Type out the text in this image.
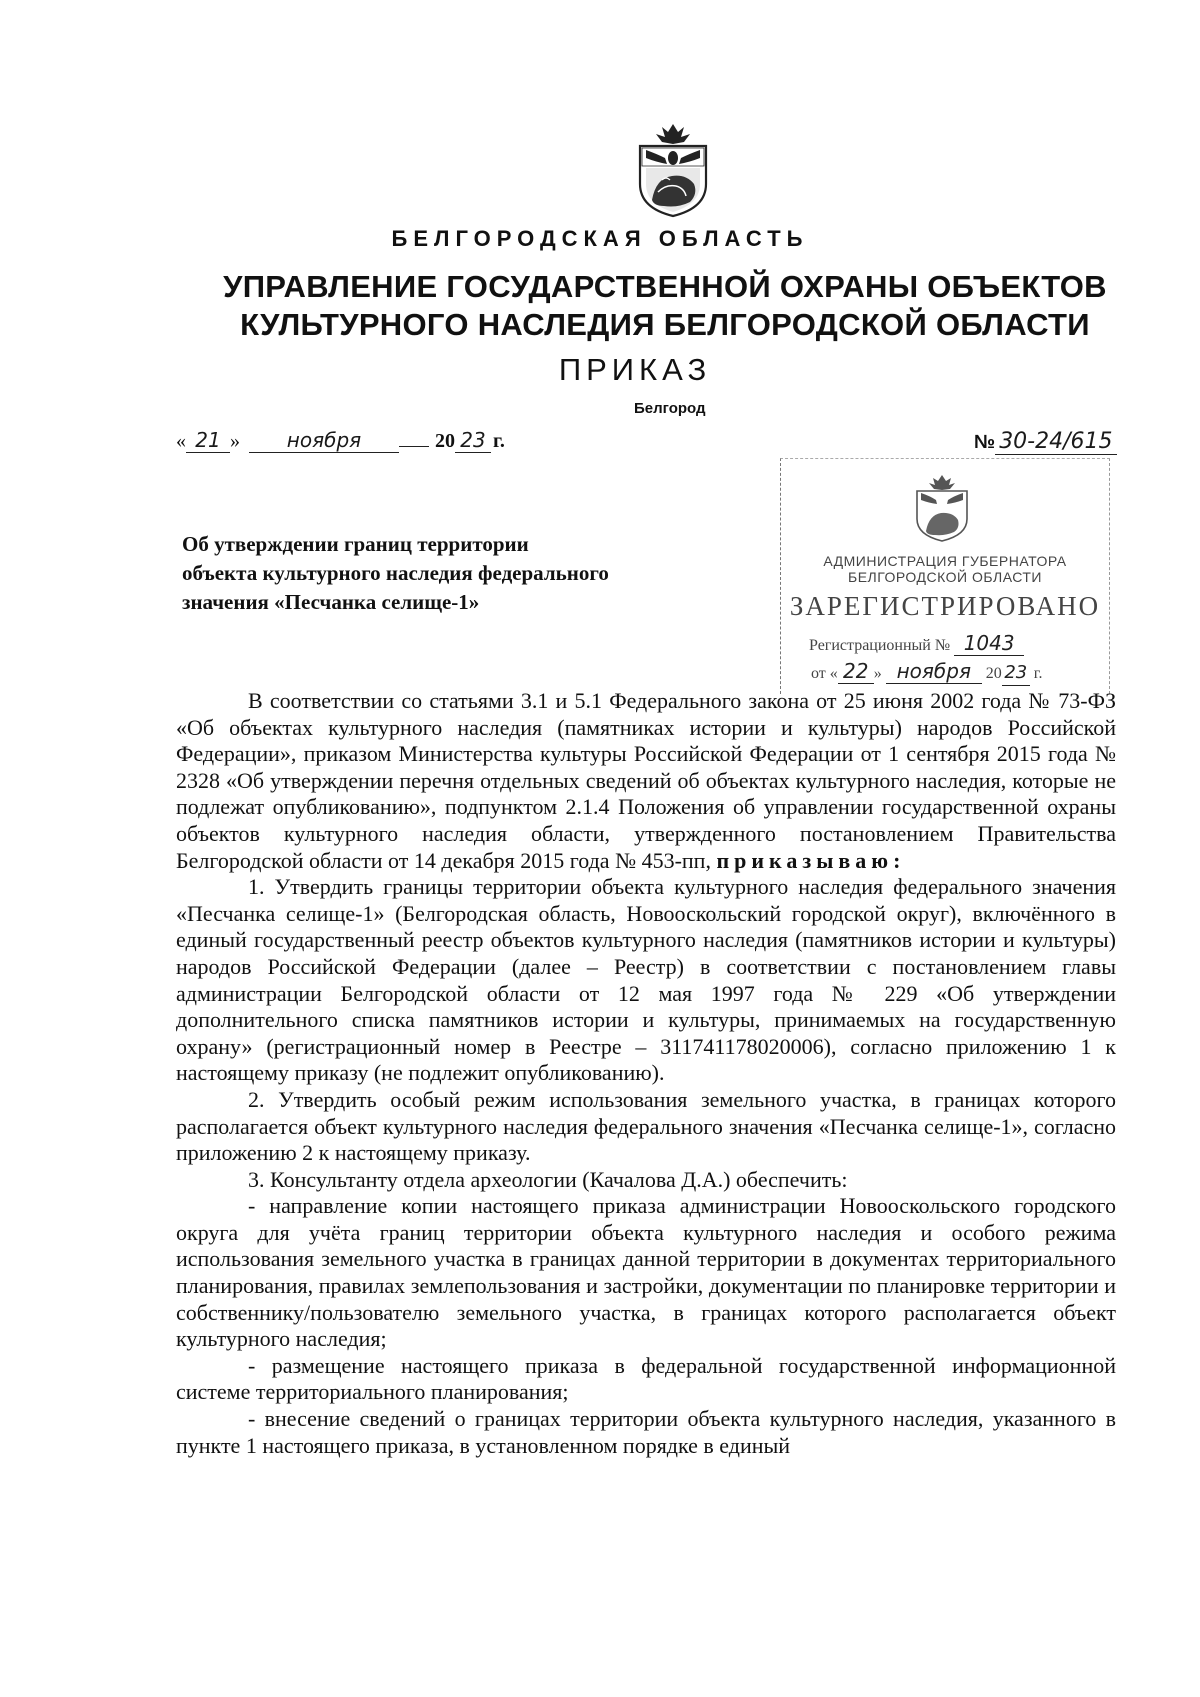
БЕЛГОРОДСКАЯ ОБЛАСТЬ
УПРАВЛЕНИЕ ГОСУДАРСТВЕННОЙ ОХРАНЫ ОБЪЕКТОВ
КУЛЬТУРНОГО НАСЛЕДИЯ БЕЛГОРОДСКОЙ ОБЛАСТИ
ПРИКАЗ
Белгород
« 21 » ноября	20 23 г.	№ 30-24/615
АДМИНИСТРАЦИЯ ГУБЕРНАТОРА
БЕЛГОРОДСКОЙ ОБЛАСТИ
ЗАРЕГИСТРИРОВАНО
Регистрационный № 1043
от « 22 » ноября 20 23 г.
Об утверждении границ территории
объекта культурного наследия федерального
значения «Песчанка селище-1»

В соответствии со статьями 3.1 и 5.1 Федерального закона от 25 июня 2002 года № 73-ФЗ «Об объектах культурного наследия (памятниках истории и культуры) народов Российской Федерации», приказом Министерства культуры Российской Федерации от 1 сентября 2015 года № 2328 «Об утверждении перечня отдельных сведений об объектах культурного наследия, которые не подлежат опубликованию», подпунктом 2.1.4 Положения об управлении государственной охраны объектов культурного наследия области, утвержденного постановлением Правительства Белгородской области от 14 декабря 2015 года № 453-пп, приказываю:

1. Утвердить границы территории объекта культурного наследия федерального значения «Песчанка селище-1» (Белгородская область, Новооскольский городской округ), включённого в единый государственный реестр объектов культурного наследия (памятников истории и культуры) народов Российской Федерации (далее – Реестр) в соответствии с постановлением главы администрации Белгородской области от 12 мая 1997 года № 229 «Об утверждении дополнительного списка памятников истории и культуры, принимаемых на государственную охрану» (регистрационный номер в Реестре – 311741178020006), согласно приложению 1 к настоящему приказу (не подлежит опубликованию).

2. Утвердить особый режим использования земельного участка, в границах которого располагается объект культурного наследия федерального значения «Песчанка селище-1», согласно приложению 2 к настоящему приказу.

3. Консультанту отдела археологии (Качалова Д.А.) обеспечить:

- направление копии настоящего приказа администрации Новооскольского городского округа для учёта границ территории объекта культурного наследия и особого режима использования земельного участка в границах данной территории в документах территориального планирования, правилах землепользования и застройки, документации по планировке территории и собственнику/пользователю земельного участка, в границах которого располагается объект культурного наследия;

- размещение настоящего приказа в федеральной государственной информационной системе территориального планирования;

- внесение сведений о границах территории объекта культурного наследия, указанного в пункте 1 настоящего приказа, в установленном порядке в единый
